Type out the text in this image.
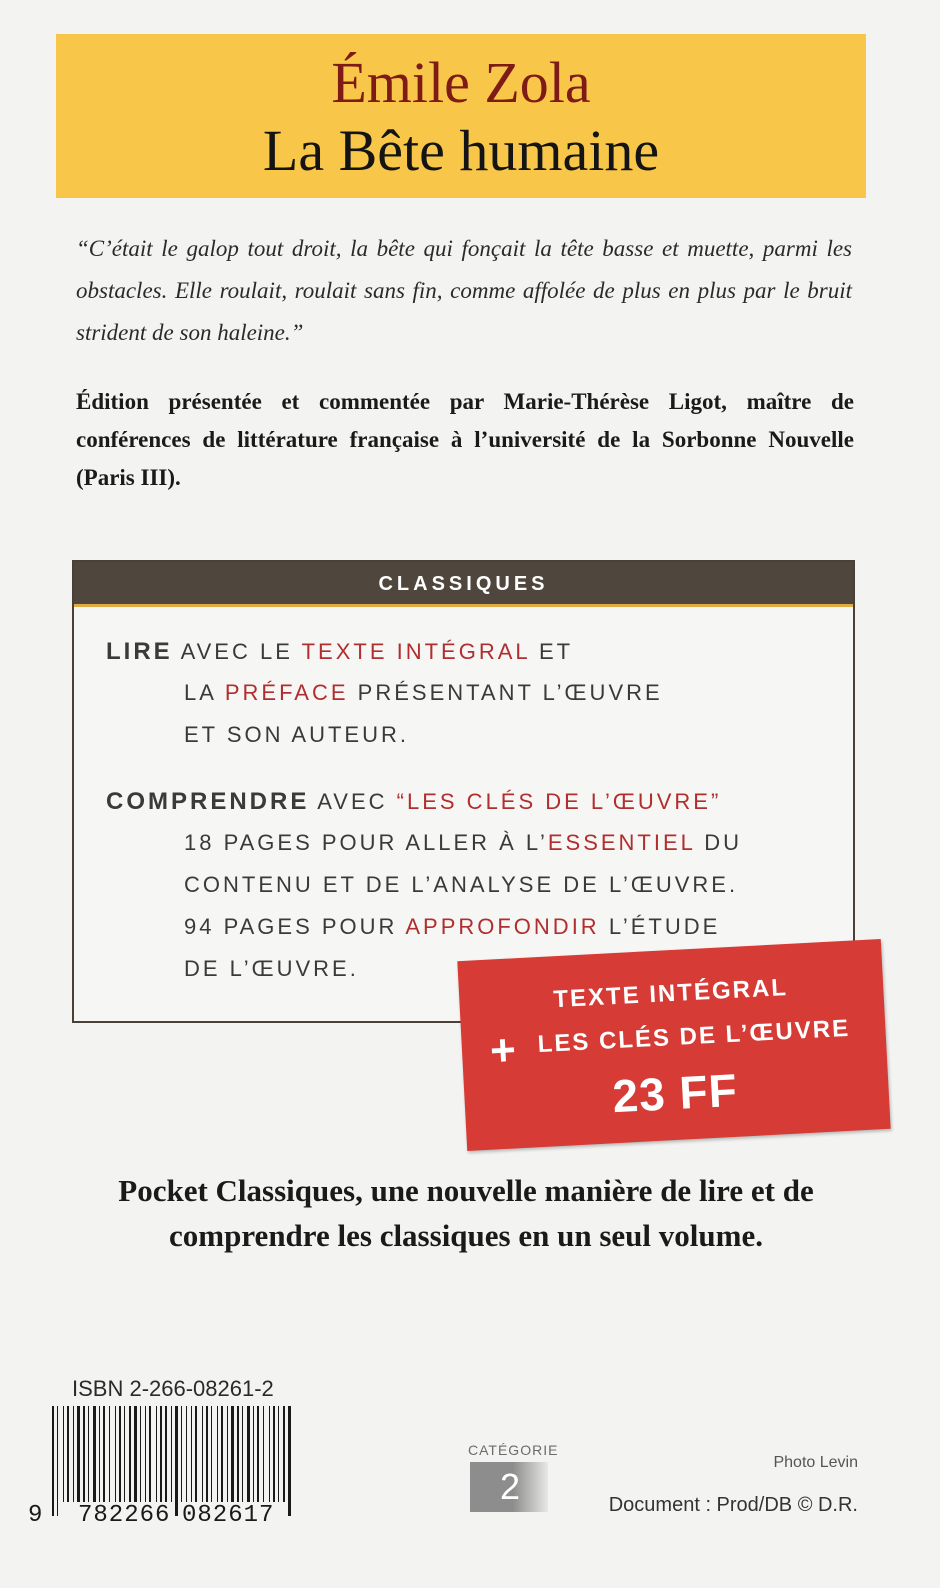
Émile Zola
La Bête humaine
“C’était le galop tout droit, la bête qui fonçait la tête basse et muette, parmi les obstacles. Elle roulait, roulait sans fin, comme affolée de plus en plus par le bruit strident de son haleine.”
Édition présentée et commentée par Marie-Thérèse Ligot, maître de conférences de littérature française à l’université de la Sorbonne Nouvelle (Paris III).
CLASSIQUES
LIRE AVEC LE TEXTE INTÉGRAL ET
LA PRÉFACE PRÉSENTANT L’ŒUVRE
ET SON AUTEUR.
COMPRENDRE AVEC “LES CLÉS DE L’ŒUVRE”
18 PAGES POUR ALLER À L’ESSENTIEL DU
CONTENU ET DE L’ANALYSE DE L’ŒUVRE.
94 PAGES POUR APPROFONDIR L’ÉTUDE
DE L’ŒUVRE.
TEXTE INTÉGRAL
+ LES CLÉS DE L’ŒUVRE
23 FF
Pocket Classiques, une nouvelle manière de lire et de comprendre les classiques en un seul volume.
ISBN 2-266-08261-2
9 782266 082617
CATÉGORIE
2
Photo Levin
Document : Prod/DB © D.R.
